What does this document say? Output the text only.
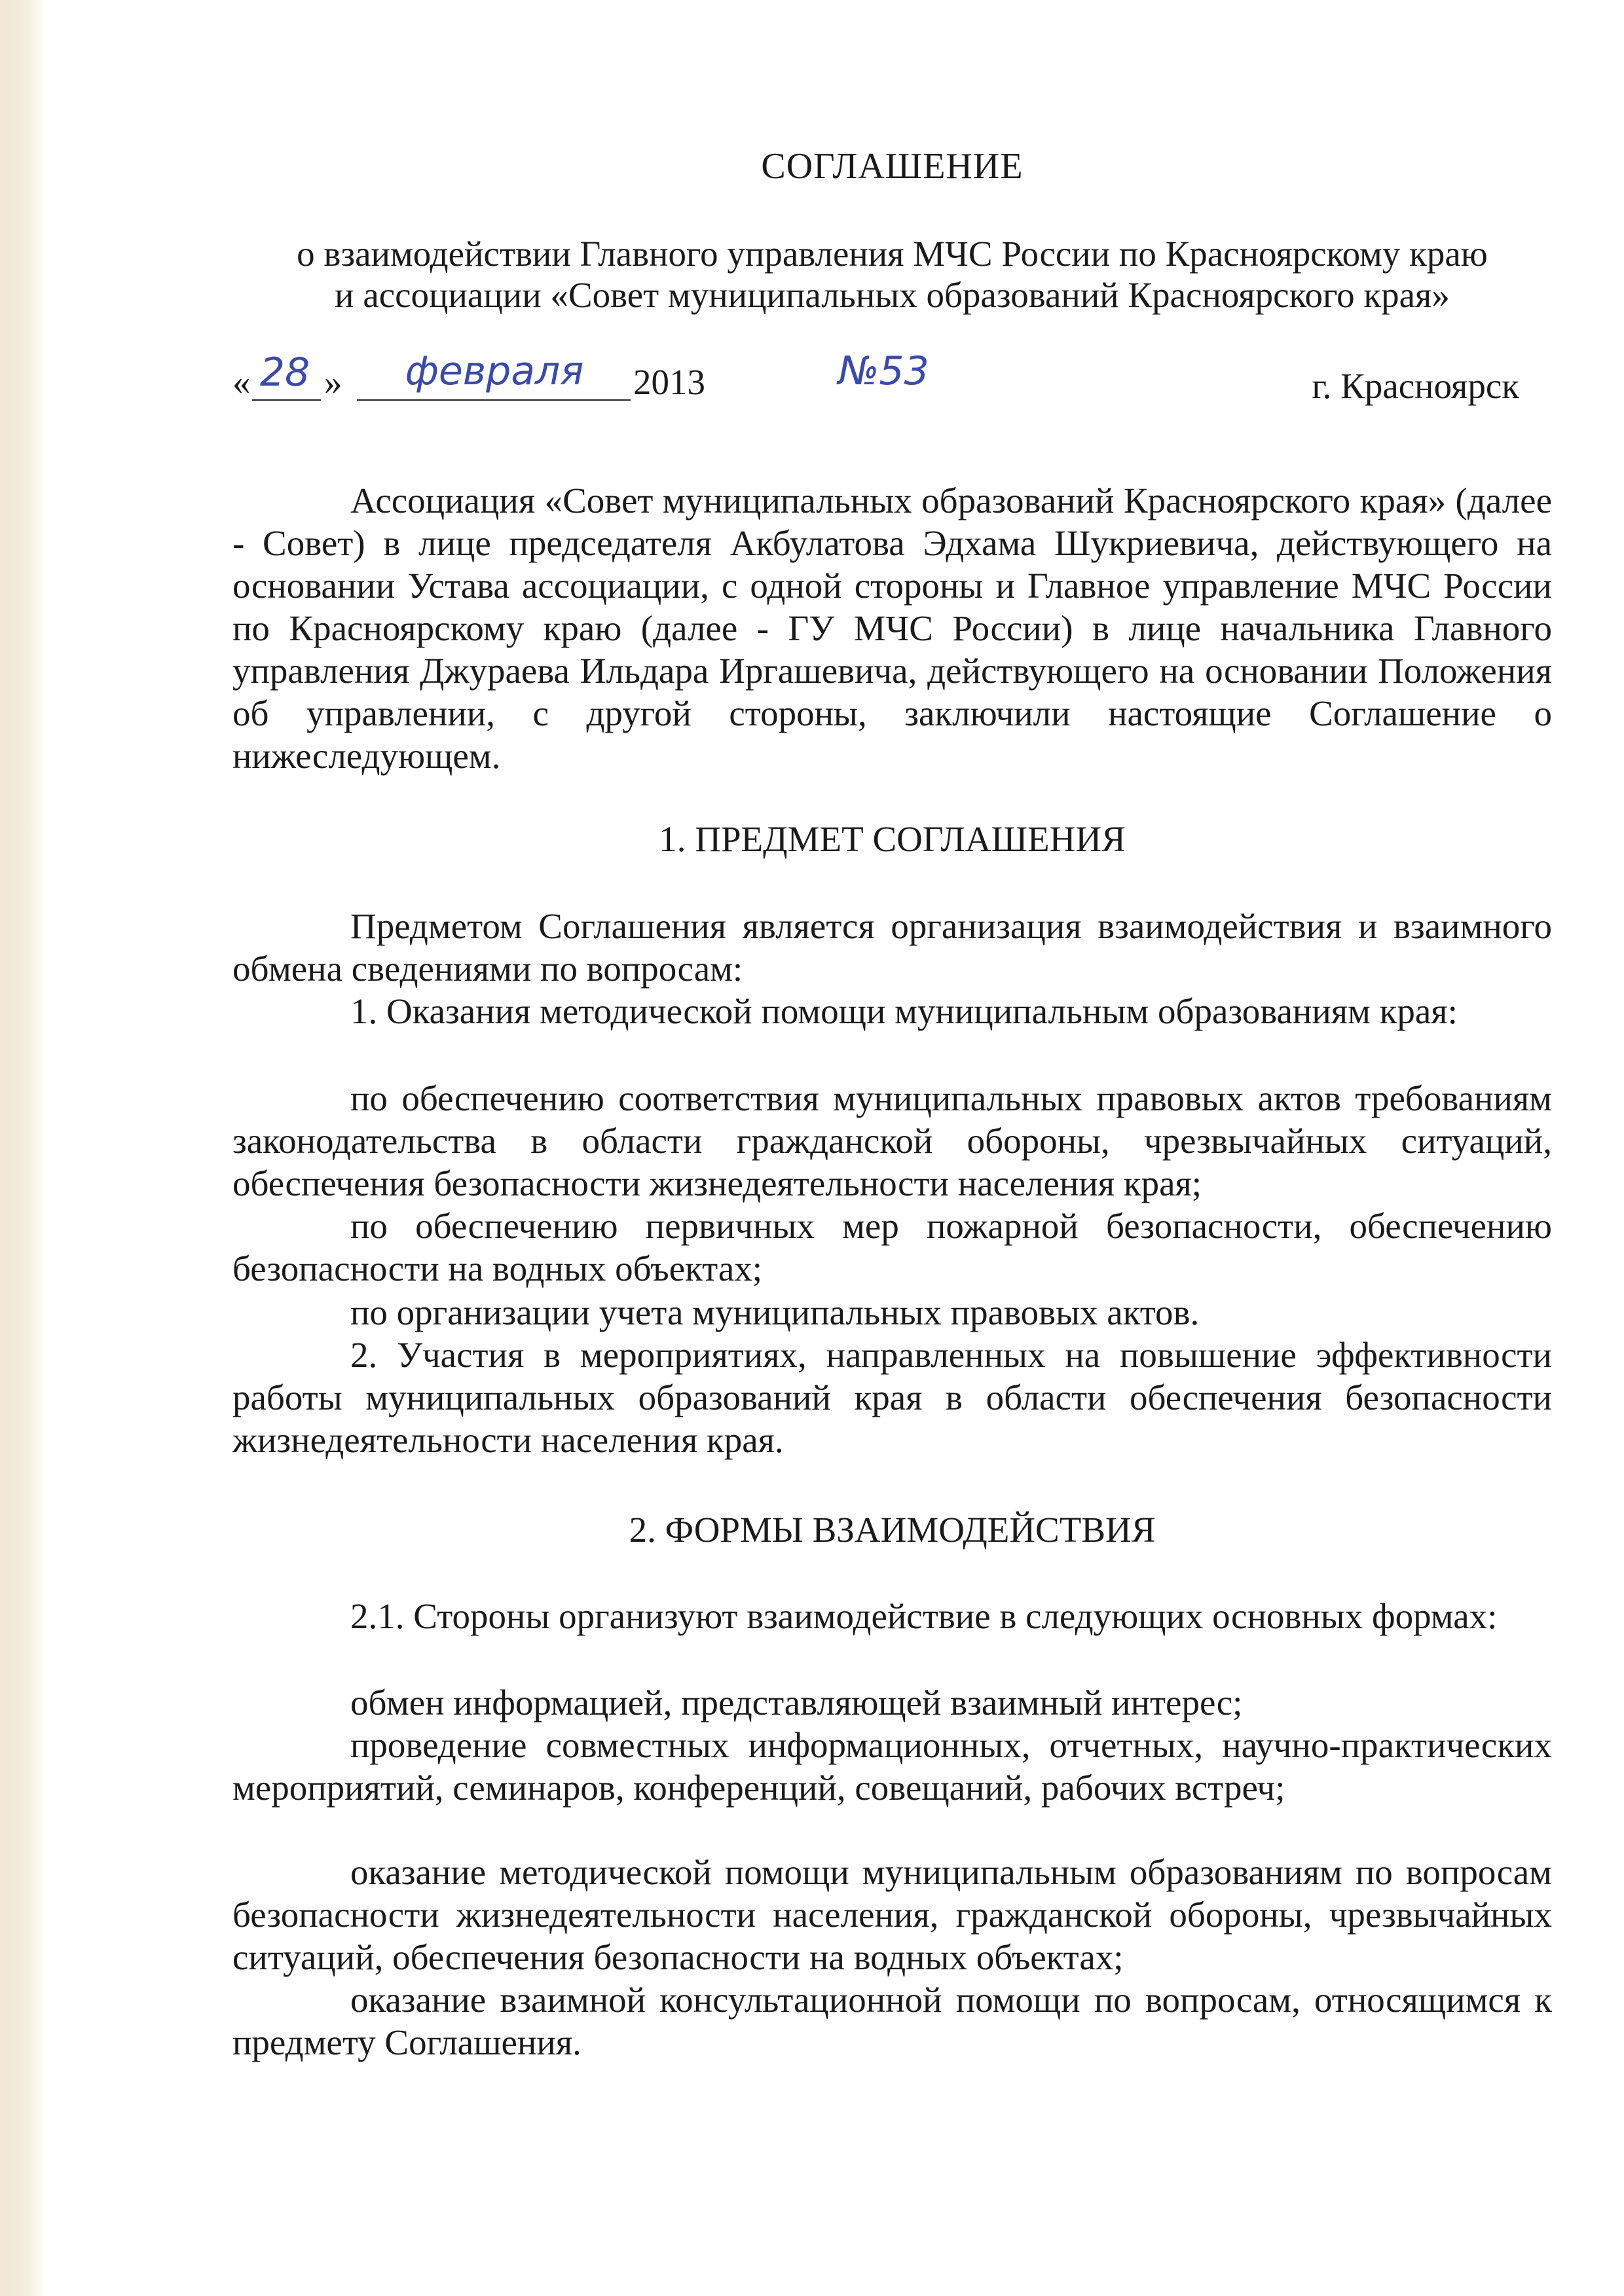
СОГЛАШЕНИЕ
о взаимодействии Главного управления МЧС России по Красноярскому краю
и ассоциации «Совет муниципальных образований Красноярского края»
« 28 »	февраля	2013	№53	г. Красноярск

Ассоциация «Совет муниципальных образований Красноярского края» (далее - Совет) в лице председателя Акбулатова Эдхама Шукриевича, действующего на основании Устава ассоциации, с одной стороны и Главное управление МЧС России по Красноярскому краю (далее - ГУ МЧС России) в лице начальника Главного управления Джураева Ильдара Иргашевича, действующего на основании Положения об управлении, с другой стороны, заключили настоящие Соглашение о нижеследующем.

1. ПРЕДМЕТ СОГЛАШЕНИЯ

Предметом Соглашения является организация взаимодействия и взаимного обмена сведениями по вопросам:

1. Оказания методической помощи муниципальным образованиям края:

по обеспечению соответствия муниципальных правовых актов требованиям законодательства в области гражданской обороны, чрезвычайных ситуаций, обеспечения безопасности жизнедеятельности населения края;

по обеспечению первичных мер пожарной безопасности, обеспечению безопасности на водных объектах;

по организации учета муниципальных правовых актов.

2. Участия в мероприятиях, направленных на повышение эффективности работы муниципальных образований края в области обеспечения безопасности жизнедеятельности населения края.

2. ФОРМЫ ВЗАИМОДЕЙСТВИЯ

2.1. Стороны организуют взаимодействие в следующих основных формах:

обмен информацией, представляющей взаимный интерес;

проведение совместных информационных, отчетных, научно-практических мероприятий, семинаров, конференций, совещаний, рабочих встреч;

оказание методической помощи муниципальным образованиям по вопросам безопасности жизнедеятельности населения, гражданской обороны, чрезвычайных ситуаций, обеспечения безопасности на водных объектах;

оказание взаимной консультационной помощи по вопросам, относящимся к предмету Соглашения.
